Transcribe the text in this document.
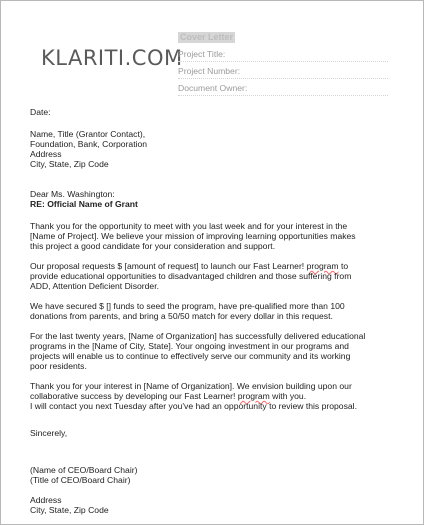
KLARITI.COM
Cover Letter
Project Title:
Project Number:
Document Owner:

Date:

Name, Title (Grantor Contact),

Foundation, Bank, Corporation

Address

City, State, Zip Code

Dear Ms. Washington:

RE: Official Name of Grant

Thank you for the opportunity to meet with you last week and for your interest in the

[Name of Project]. We believe your mission of improving learning opportunities makes

this project a good candidate for your consideration and support.

Our proposal requests $ [amount of request] to launch our Fast Learner! program to

provide educational opportunities to disadvantaged children and those suffering from

ADD, Attention Deficient Disorder.

We have secured $ [] funds to seed the program, have pre-qualified more than 100

donations from parents, and bring a 50/50 match for every dollar in this request.

For the last twenty years, [Name of Organization] has successfully delivered educational

programs in the [Name of City, State]. Your ongoing investment in our programs and

projects will enable us to continue to effectively serve our community and its working

poor residents.

Thank you for your interest in [Name of Organization]. We envision building upon our

collaborative success by developing our Fast Learner! program with you.

I will contact you next Tuesday after you've had an opportunity to review this proposal.

Sincerely,

(Name of CEO/Board Chair)

(Title of CEO/Board Chair)

Address

City, State, Zip Code
